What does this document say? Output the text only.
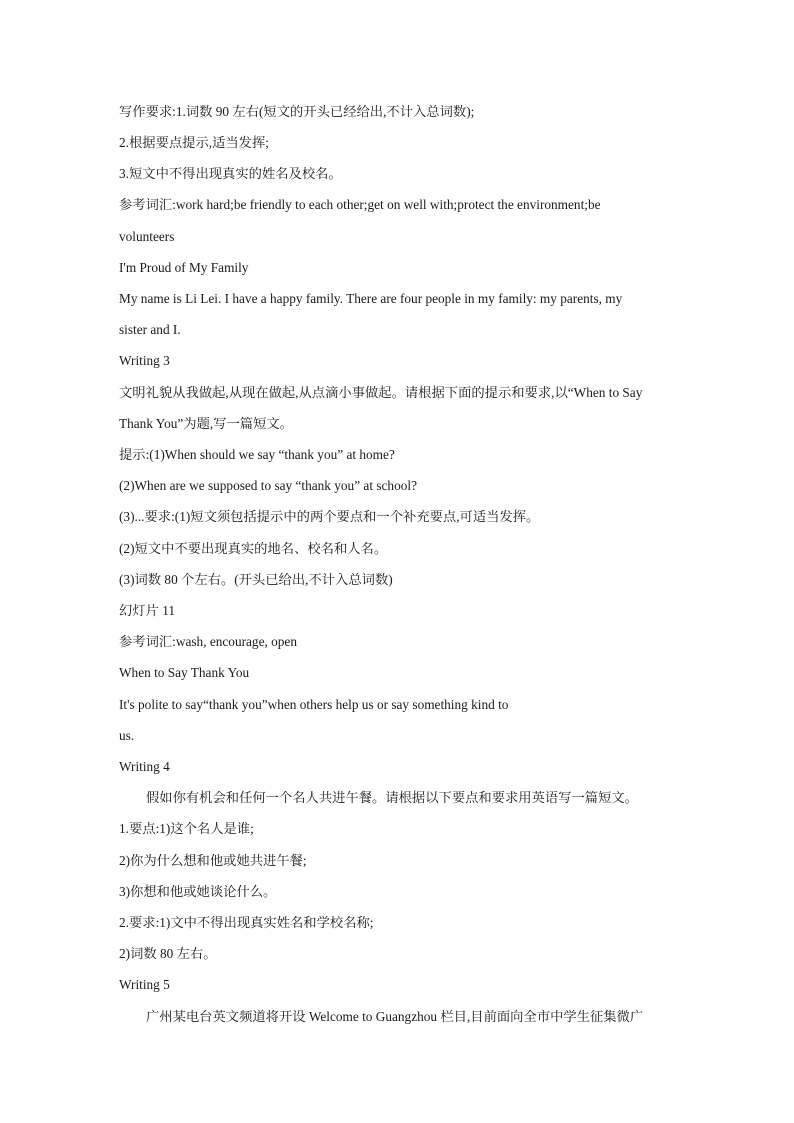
写作要求:1.词数 90 左右(短文的开头已经给出,不计入总词数);
2.根据要点提示,适当发挥;
3.短文中不得出现真实的姓名及校名。
参考词汇:work hard;be friendly to each other;get on well with;protect the environment;be
volunteers
I'm Proud of My Family
My name is Li Lei. I have a happy family. There are four people in my family: my parents, my
sister and I.
Writing 3
文明礼貌从我做起,从现在做起,从点滴小事做起。请根据下面的提示和要求,以“When to Say
Thank You”为题,写一篇短文。
提示:(1)When should we say “thank you” at home?
(2)When are we supposed to say “thank you” at school?
(3)...要求:(1)短文须包括提示中的两个要点和一个补充要点,可适当发挥。
(2)短文中不要出现真实的地名、校名和人名。
(3)词数 80 个左右。(开头已给出,不计入总词数)
幻灯片 11
参考词汇:wash, encourage, open
When to Say Thank You
It's polite to say“thank you”when others help us or say something kind to
us.
Writing 4
假如你有机会和任何一个名人共进午餐。请根据以下要点和要求用英语写一篇短文。
1.要点:1)这个名人是谁;
2)你为什么想和他或她共进午餐;
3)你想和他或她谈论什么。
2.要求:1)文中不得出现真实姓名和学校名称;
2)词数 80 左右。
Writing 5
广州某电台英文频道将开设 Welcome to Guangzhou 栏目,目前面向全市中学生征集微广
